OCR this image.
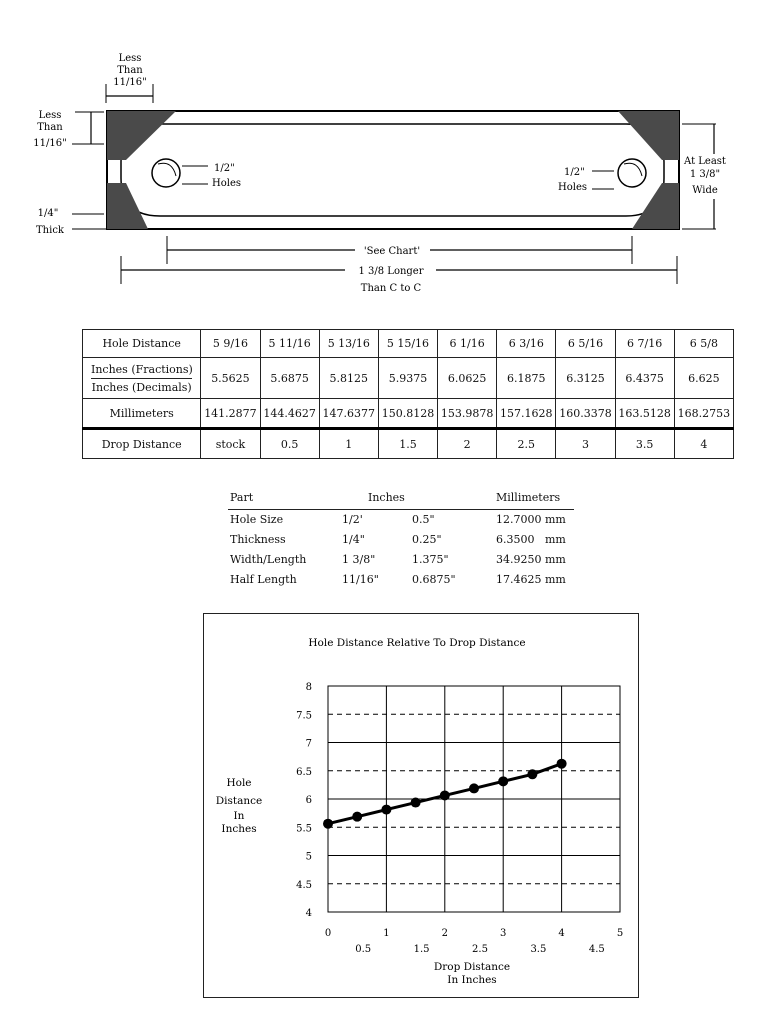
Less
Than
11/16"
Less
Than
11/16"
1/4"
Thick
1/2"
Holes
1/2"
Holes
At Least
1 3/8"
Wide
'See Chart'
1 3/8 Longer
Than C to C
Hole Distance	5 9/16	5 11/16	5 13/16	5 15/16	6 1/16	6 3/16	6 5/16	6 7/16	6 5/8

Inches (Fractions)
Inches (Decimals)	5.5625	5.6875	5.8125	5.9375	6.0625	6.1875	6.3125	6.4375	6.625
Millimeters	141.2877	144.4627	147.6377	150.8128	153.9878	157.1628	160.3378	163.5128	168.2753
Drop Distance	stock	0.5	1	1.5	2	2.5	3	3.5	4
Part	Inches		Millimeters
Hole Size	1/2'	0.5"	12.7000 mm
Thickness	1/4"	0.25"	6.3500   mm
Width/Length	1 3/8"	1.375"	34.9250 mm
Half Length	11/16"	0.6875"	17.4625 mm
Hole Distance Relative To Drop Distance
4
4.5
5
5.5
6
6.5
7
7.5
8
0	1	2	3	4	5
0.5	1.5	2.5	3.5	4.5
Hole
Distance
In
Inches
Drop Distance
In Inches
